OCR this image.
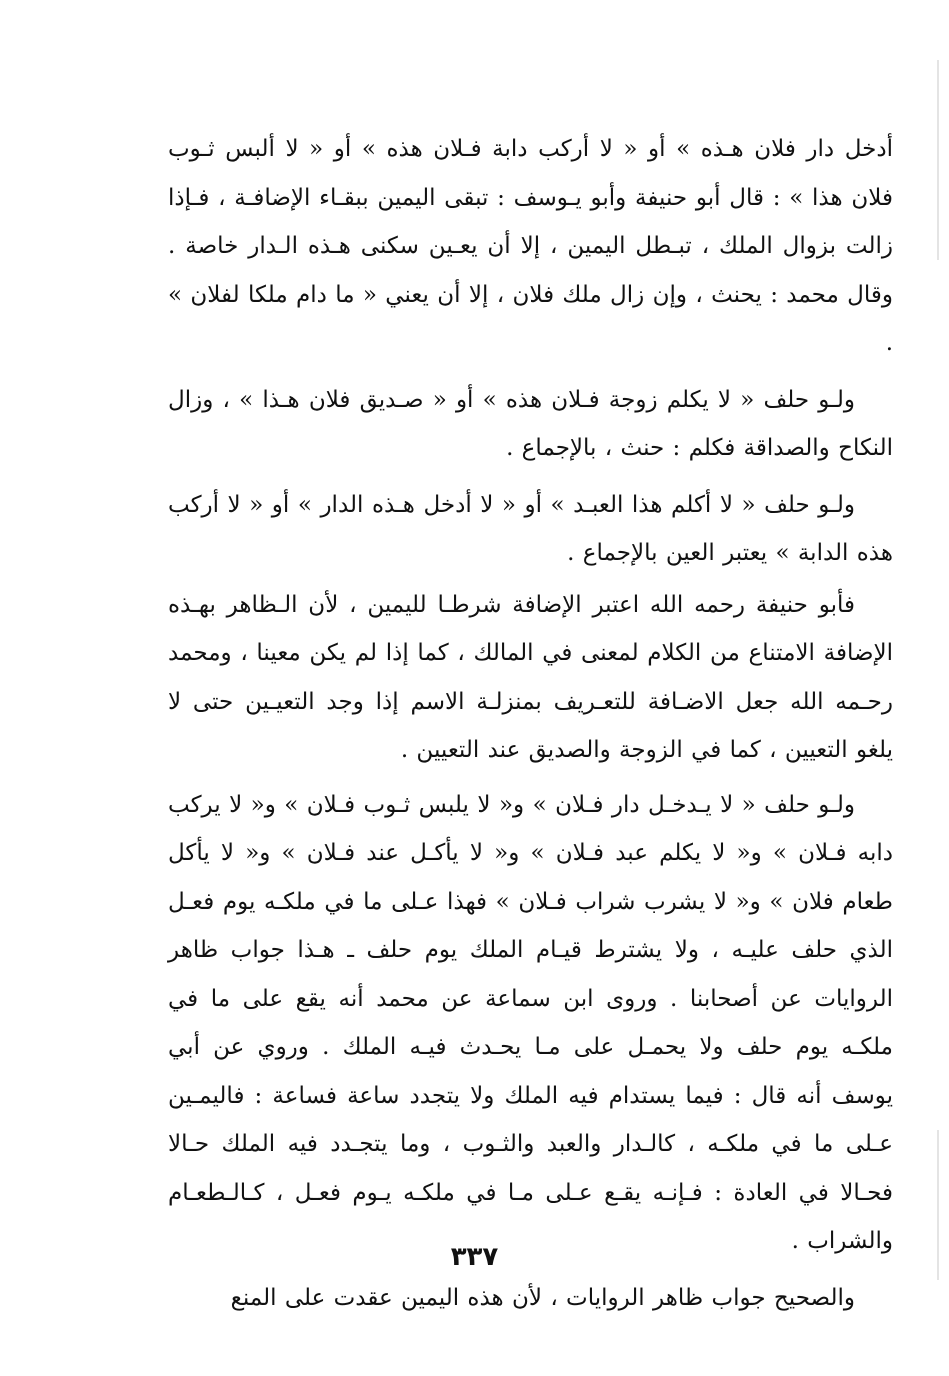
أدخل دار فلان هـذه » أو « لا أركب دابة فـلان هذه » أو « لا ألبس ثـوب فلان هذا » : قال أبو حنيفة وأبو يـوسف : تبقى اليمين ببقـاء الإضافـة ، فـإذا زالت بزوال الملك ، تبـطل اليمين ، إلا أن يعـين سكنى هـذه الـدار خاصة . وقال محمد : يحنث ، وإن زال ملك فلان ، إلا أن يعني « ما دام ملكا لفلان » .

ولـو حلف « لا يكلم زوجة فـلان هذه » أو « صـديق فلان هـذا » ، وزال النكاح والصداقة فكلم : حنث ، بالإجماع .

ولـو حلف « لا أكلم هذا العبـد » أو « لا أدخل هـذه الدار » أو « لا أركب هذه الدابة » يعتبر العين بالإجماع .

فأبو حنيفة رحمه الله اعتبر الإضافة شرطـا لليمين ، لأن الـظاهر بهـذه الإضافة الامتناع من الكلام لمعنى في المالك ، كما إذا لم يكن معينا ، ومحمد رحـمه الله جعل الاضـافة للتعـريف بمنزلـة الاسم إذا وجد التعيـين حتى لا يلغو التعيين ، كما في الزوجة والصديق عند التعيين .

ولـو حلف « لا يـدخـل دار فـلان » و« لا يلبس ثـوب فـلان » و« لا يركب دابه فـلان » و« لا يكلم عبد فـلان » و« لا يأكـل عند فـلان » و« لا يأكل طعام فلان » و« لا يشرب شراب فـلان » فهذا عـلى ما في ملكـه يوم فعـل الذي حلف عليـه ، ولا يشترط قيـام الملك يوم حلف ـ هـذا جواب ظاهر الروايات عن أصحابنا . وروى ابن سماعة عن محمد أنه يقع على ما في ملكـه يوم حلف ولا يحمـل على مـا يحـدث فيـه الملك . وروي عن أبي يوسف أنه قال : فيما يستدام فيه الملك ولا يتجدد ساعة فساعة : فاليمـين عـلى ما في ملكـه ، كالـدار والعبد والثـوب ، وما يتجـدد فيه الملك حـالا فحـالا في العادة : فـإنـه يقـع عـلى مـا في ملكـه يـوم فعـل ، كـالـطعـام والشراب .

والصحيح جواب ظاهر الروايات ، لأن هذه اليمين عقدت على المنع

٣٣٧
